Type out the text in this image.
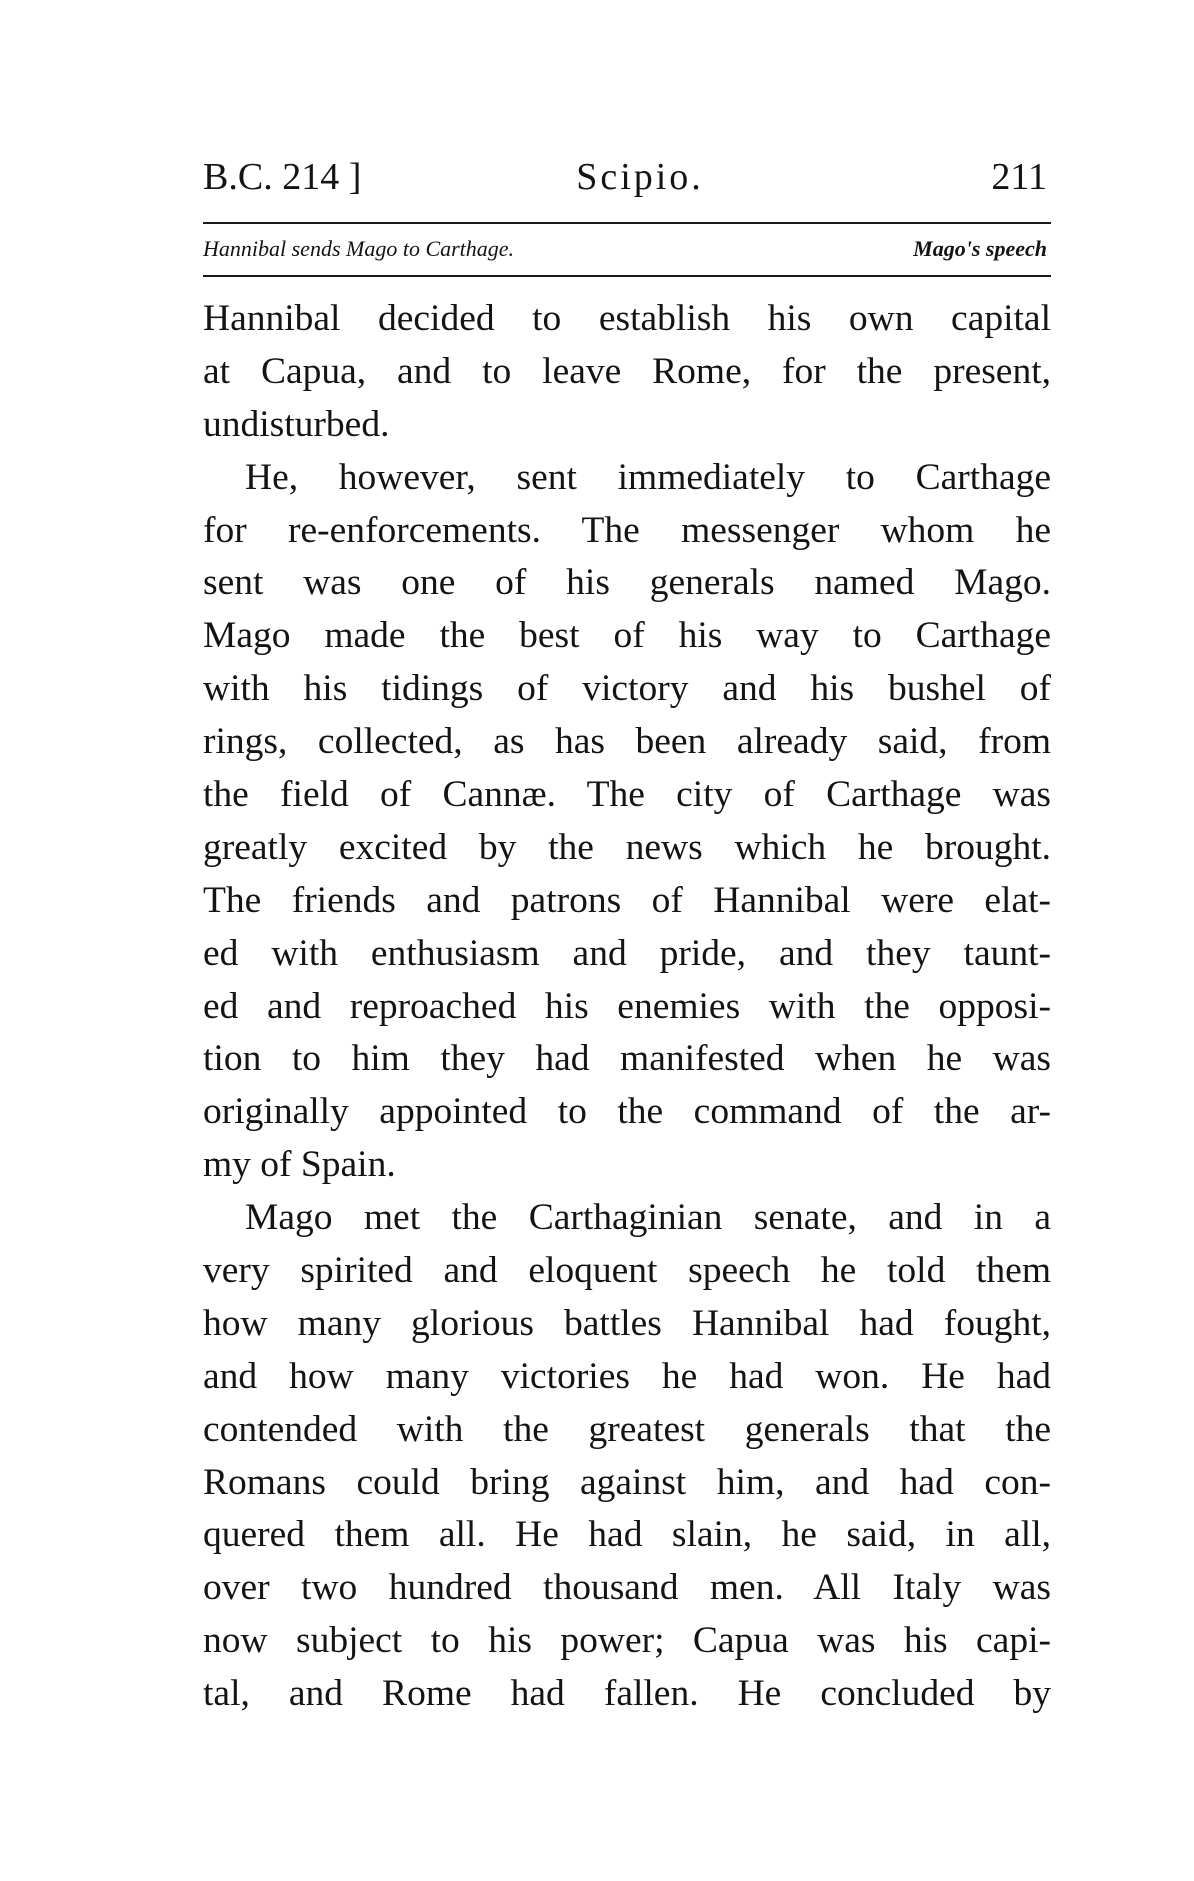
B.C. 214 ]	Scipio.	211
Hannibal sends Mago to Carthage.	Mago's speech
Hannibal decided to establish his own capital
at Capua, and to leave Rome, for the present,
undisturbed.
He, however, sent immediately to Carthage
for re-enforcements. The messenger whom he
sent was one of his generals named Mago.
Mago made the best of his way to Carthage
with his tidings of victory and his bushel of
rings, collected, as has been already said, from
the field of Cannæ. The city of Carthage was
greatly excited by the news which he brought.
The friends and patrons of Hannibal were elat-
ed with enthusiasm and pride, and they taunt-
ed and reproached his enemies with the opposi-
tion to him they had manifested when he was
originally appointed to the command of the ar-
my of Spain.
Mago met the Carthaginian senate, and in a
very spirited and eloquent speech he told them
how many glorious battles Hannibal had fought,
and how many victories he had won. He had
contended with the greatest generals that the
Romans could bring against him, and had con-
quered them all. He had slain, he said, in all,
over two hundred thousand men. All Italy was
now subject to his power; Capua was his capi-
tal, and Rome had fallen. He concluded by
